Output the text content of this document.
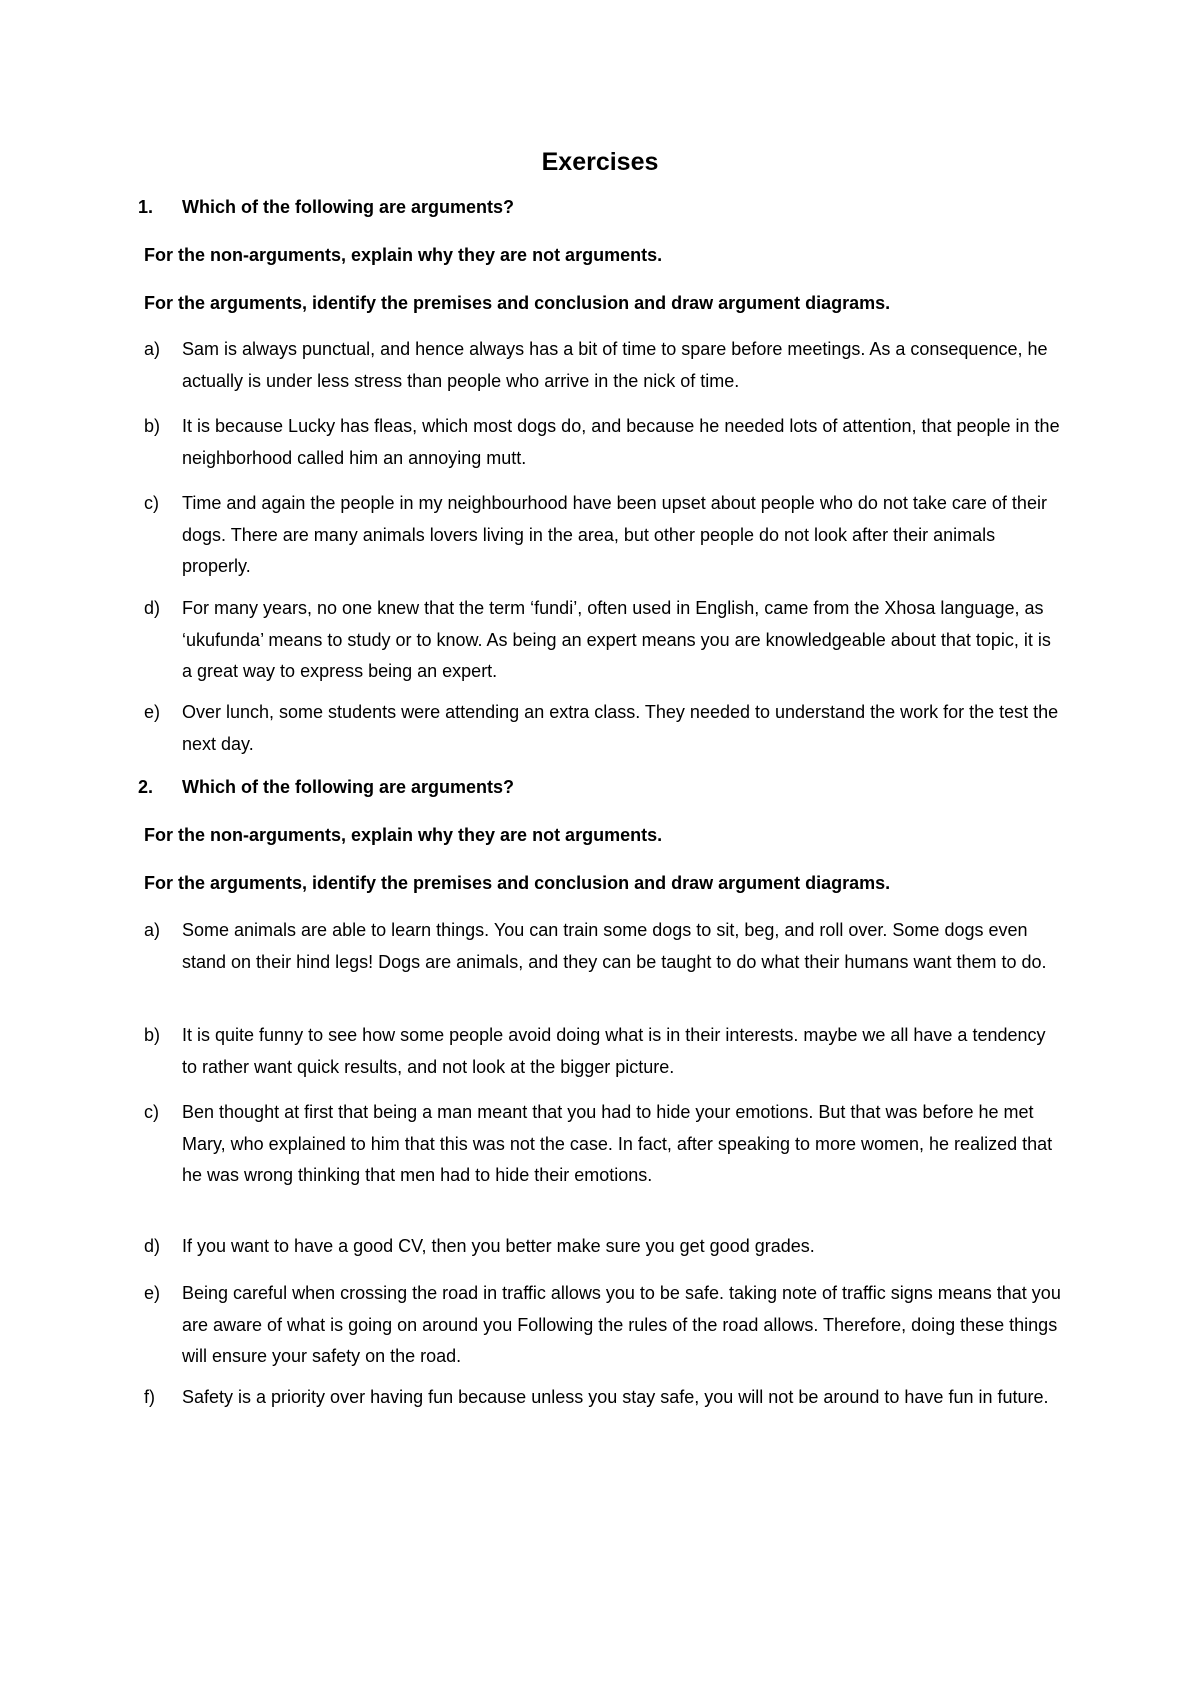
Exercises
1. Which of the following are arguments?
For the non-arguments, explain why they are not arguments.
For the arguments, identify the premises and conclusion and draw argument diagrams.
a) Sam is always punctual, and hence always has a bit of time to spare before meetings. As a consequence, he actually is under less stress than people who arrive in the nick of time.
b) It is because Lucky has fleas, which most dogs do, and because he needed lots of attention, that people in the neighborhood called him an annoying mutt.
c) Time and again the people in my neighbourhood have been upset about people who do not take care of their dogs. There are many animals lovers living in the area, but other people do not look after their animals properly.
d) For many years, no one knew that the term ‘fundi’, often used in English, came from the Xhosa language, as ‘ukufunda’ means to study or to know. As being an expert means you are knowledgeable about that topic, it is a great way to express being an expert.
e) Over lunch, some students were attending an extra class. They needed to understand the work for the test the next day.
2. Which of the following are arguments?
For the non-arguments, explain why they are not arguments.
For the arguments, identify the premises and conclusion and draw argument diagrams.
a) Some animals are able to learn things. You can train some dogs to sit, beg, and roll over. Some dogs even stand on their hind legs! Dogs are animals, and they can be taught to do what their humans want them to do.
b) It is quite funny to see how some people avoid doing what is in their interests. maybe we all have a tendency to rather want quick results, and not look at the bigger picture.
c) Ben thought at first that being a man meant that you had to hide your emotions. But that was before he met Mary, who explained to him that this was not the case. In fact, after speaking to more women, he realized that he was wrong thinking that men had to hide their emotions.
d) If you want to have a good CV, then you better make sure you get good grades.
e) Being careful when crossing the road in traffic allows you to be safe. taking note of traffic signs means that you are aware of what is going on around you Following the rules of the road allows. Therefore, doing these things will ensure your safety on the road.
f) Safety is a priority over having fun because unless you stay safe, you will not be around to have fun in future.
